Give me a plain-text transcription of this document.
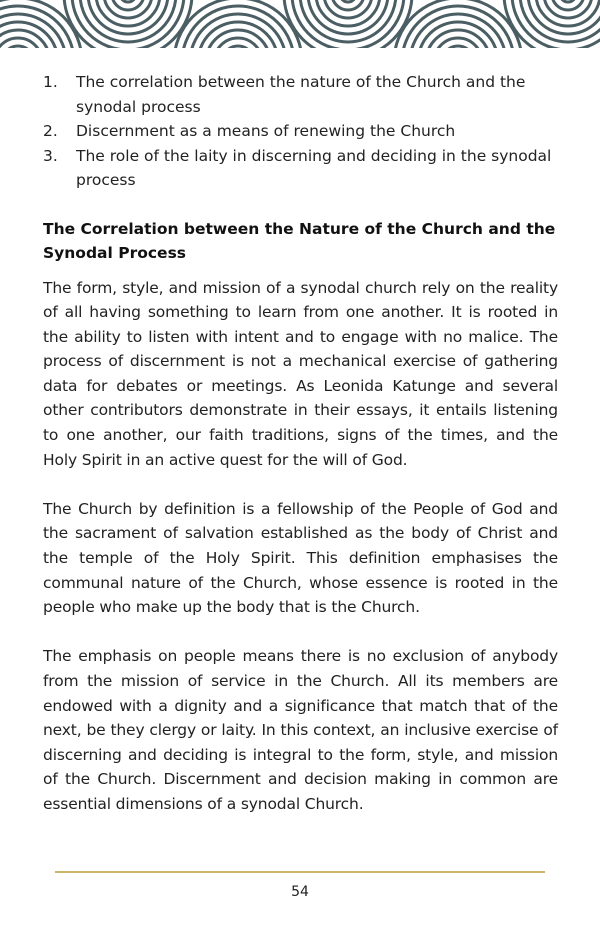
1. The correlation between the nature of the Church and the synodal process
2. Discernment as a means of renewing the Church
3. The role of the laity in discerning and deciding in the synodal process
The Correlation between the Nature of the Church and the Synodal Process

The form, style, and mission of a synodal church rely on the reality of all having something to learn from one another. It is rooted in the ability to listen with intent and to engage with no malice. The process of discernment is not a mechanical exercise of gathering data for debates or meetings. As Leonida Katunge and several other contributors demonstrate in their essays, it entails listening to one another, our faith traditions, signs of the times, and the Holy Spirit in an active quest for the will of God.

The Church by definition is a fellowship of the People of God and the sacrament of salvation established as the body of Christ and the temple of the Holy Spirit. This definition emphasises the communal nature of the Church, whose essence is rooted in the people who make up the body that is the Church.

The emphasis on people means there is no exclusion of anybody from the mission of service in the Church. All its members are endowed with a dignity and a significance that match that of the next, be they clergy or laity. In this context, an inclusive exercise of discerning and deciding is integral to the form, style, and mission of the Church. Discernment and decision making in common are essential dimensions of a synodal Church.

54
